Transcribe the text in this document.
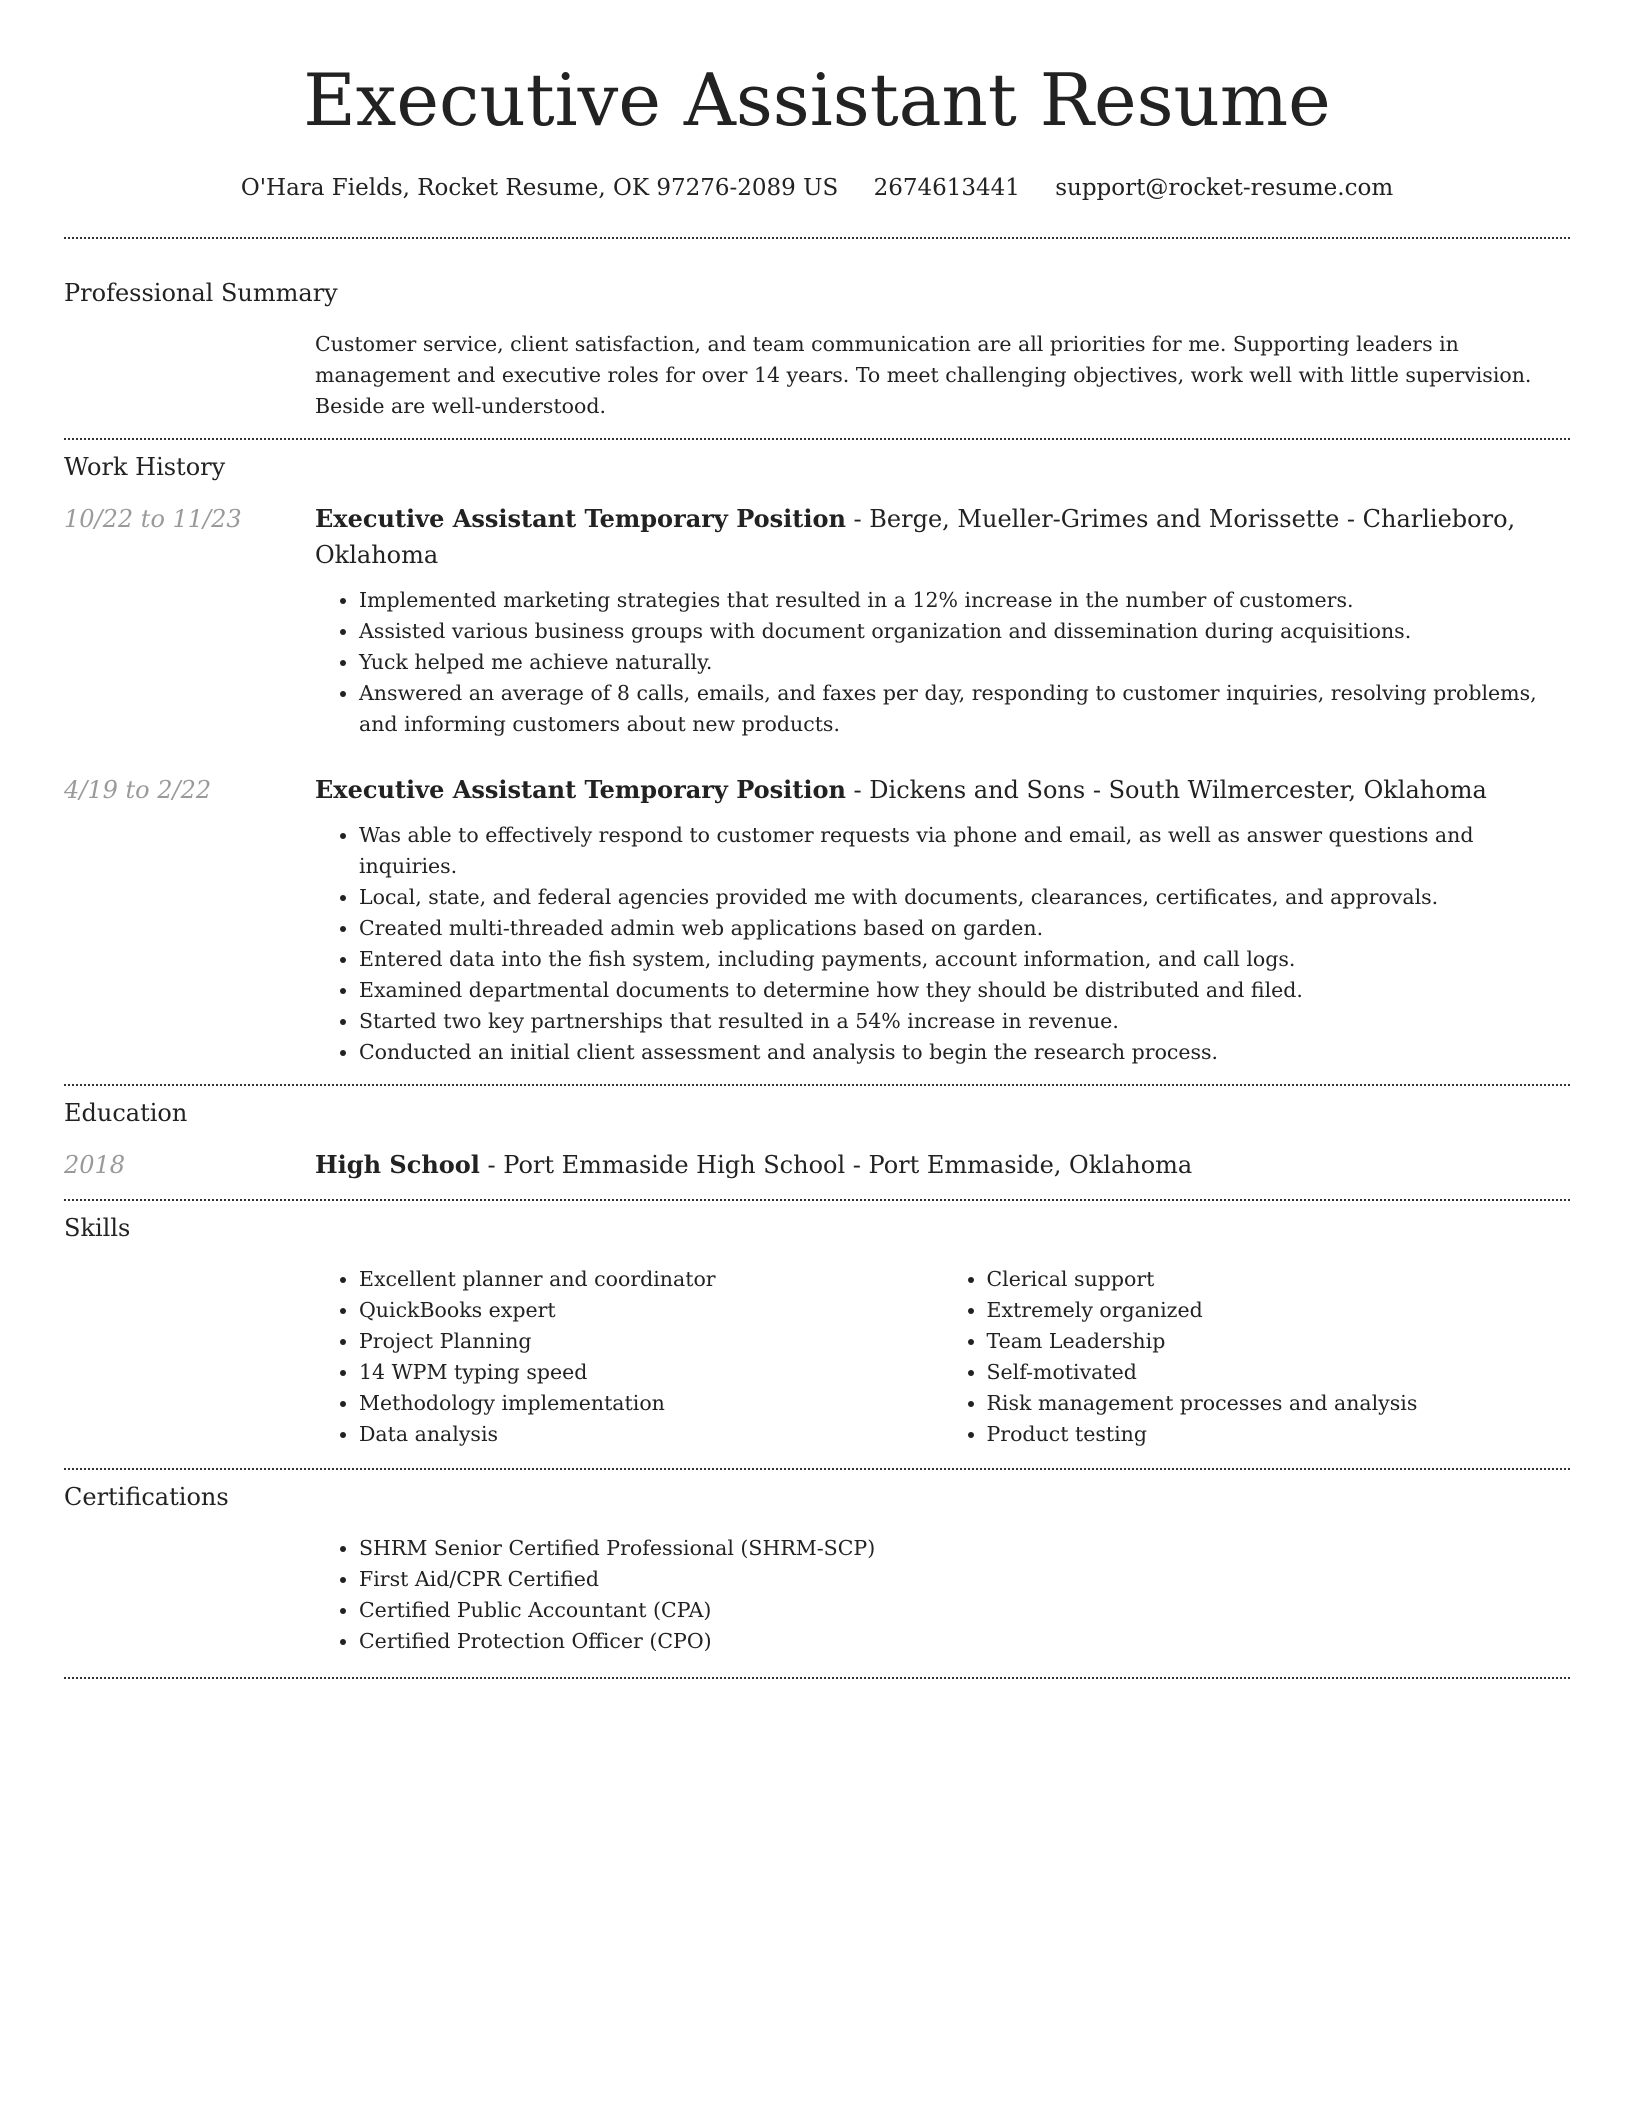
Executive Assistant Resume
O'Hara Fields, Rocket Resume, OK 97276-2089 US 2674613441 support@rocket-resume.com
Professional Summary

Customer service, client satisfaction, and team communication are all priorities for me. Supporting leaders in management and executive roles for over 14 years. To meet challenging objectives, work well with little supervision. Beside are well-understood.

Work History
10/22 to 11/23	Executive Assistant Temporary Position - Berge, Mueller-Grimes and Morissette - Charlieboro, Oklahoma

• Implemented marketing strategies that resulted in a 12% increase in the number of customers.
• Assisted various business groups with document organization and dissemination during acquisitions.
• Yuck helped me achieve naturally.
• Answered an average of 8 calls, emails, and faxes per day, responding to customer inquiries, resolving problems, and informing customers about new products.
4/19 to 2/22	Executive Assistant Temporary Position - Dickens and Sons - South Wilmercester, Oklahoma

• Was able to effectively respond to customer requests via phone and email, as well as answer questions and inquiries.
• Local, state, and federal agencies provided me with documents, clearances, certificates, and approvals.
• Created multi-threaded admin web applications based on garden.
• Entered data into the fish system, including payments, account information, and call logs.
• Examined departmental documents to determine how they should be distributed and filed.
• Started two key partnerships that resulted in a 54% increase in revenue.
• Conducted an initial client assessment and analysis to begin the research process.
Education
2018	High School - Port Emmaside High School - Port Emmaside, Oklahoma

Skills
• Excellent planner and coordinator
• QuickBooks expert
• Project Planning
• 14 WPM typing speed
• Methodology implementation
• Data analysis
• Clerical support
• Extremely organized
• Team Leadership
• Self-motivated
• Risk management processes and analysis
• Product testing
Certifications
• SHRM Senior Certified Professional (SHRM-SCP)
• First Aid/CPR Certified
• Certified Public Accountant (CPA)
• Certified Protection Officer (CPO)
